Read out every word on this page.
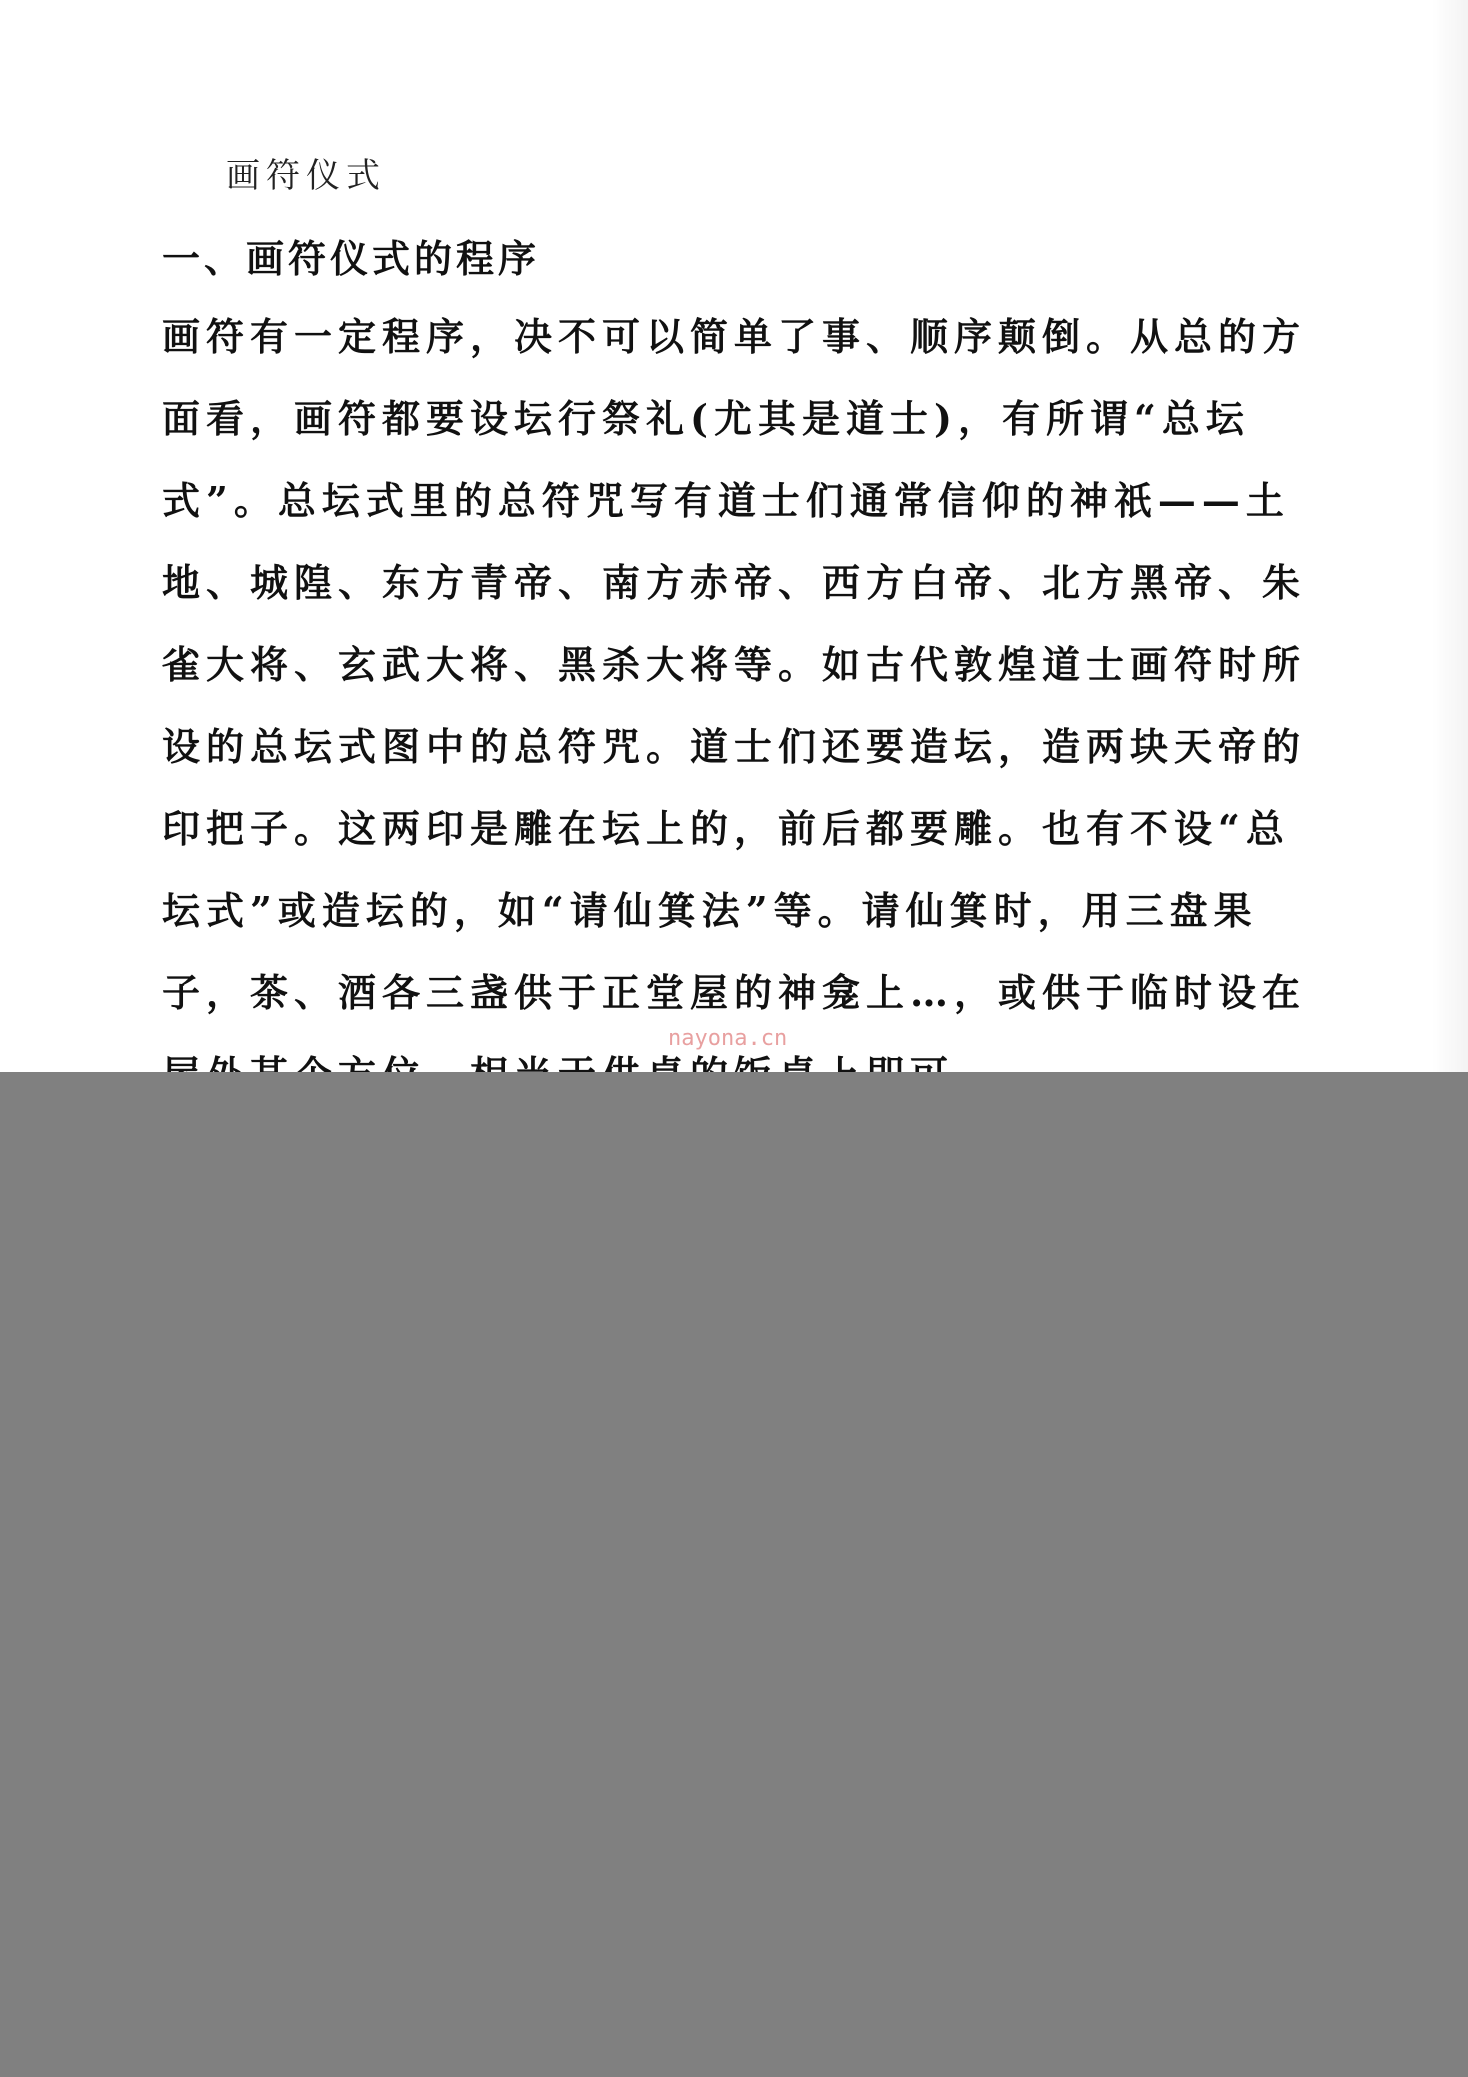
画符仪式
一、画符仪式的程序
画符有一定程序，决不可以简单了事、顺序颠倒。从总的方
面看，画符都要设坛行祭礼(尤其是道士)，有所谓“总坛
式”。总坛式里的总符咒写有道士们通常信仰的神祇——土
地、城隍、东方青帝、南方赤帝、西方白帝、北方黑帝、朱
雀大将、玄武大将、黑杀大将等。如古代敦煌道士画符时所
设的总坛式图中的总符咒。道士们还要造坛，造两块天帝的
印把子。这两印是雕在坛上的，前后都要雕。也有不设“总
坛式”或造坛的，如“请仙箕法”等。请仙箕时，用三盘果
子，茶、酒各三盏供于正堂屋的神龛上…，或供于临时设在
nayona.cn
